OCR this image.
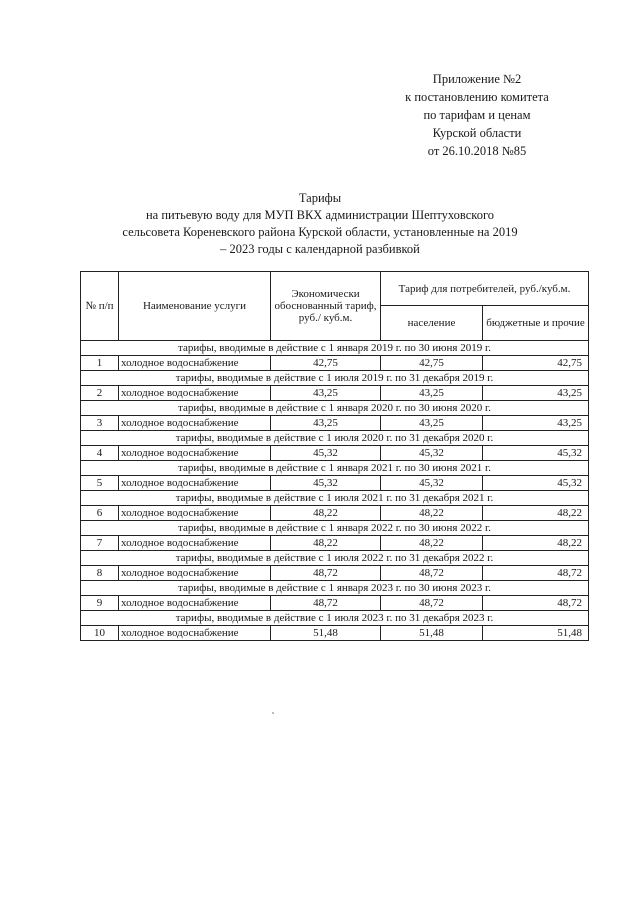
Приложение №2
к постановлению комитета
по тарифам и ценам
Курской области
от 26.10.2018 №85
Тарифы
на питьевую воду для МУП ВКХ администрации Шептуховского
сельсовета Кореневского района Курской области, установленные на 2019
– 2023 годы с календарной разбивкой
№ п/п	Наименование услуги	Экономически обоснованный тариф, руб./ куб.м.	Тариф для потребителей, руб./куб.м.	
			население	бюджетные и прочие
тарифы, вводимые в действие с 1 января 2019 г. по 30 июня 2019 г.				
1	холодное водоснабжение	42,75	42,75	42,75
тарифы, вводимые в действие с 1 июля 2019 г. по 31 декабря 2019 г.				
2	холодное водоснабжение	43,25	43,25	43,25
тарифы, вводимые в действие с 1 января 2020 г. по 30 июня 2020 г.				
3	холодное водоснабжение	43,25	43,25	43,25
тарифы, вводимые в действие с 1 июля 2020 г. по 31 декабря 2020 г.				
4	холодное водоснабжение	45,32	45,32	45,32
тарифы, вводимые в действие с 1 января 2021 г. по 30 июня 2021 г.				
5	холодное водоснабжение	45,32	45,32	45,32
тарифы, вводимые в действие с 1 июля 2021 г. по 31 декабря 2021 г.				
6	холодное водоснабжение	48,22	48,22	48,22
тарифы, вводимые в действие с 1 января 2022 г. по 30 июня 2022 г.				
7	холодное водоснабжение	48,22	48,22	48,22
тарифы, вводимые в действие с 1 июля 2022 г. по 31 декабря 2022 г.				
8	холодное водоснабжение	48,72	48,72	48,72
тарифы, вводимые в действие с 1 января 2023 г. по 30 июня 2023 г.				
9	холодное водоснабжение	48,72	48,72	48,72
тарифы, вводимые в действие с 1 июля 2023 г. по 31 декабря 2023 г.				
10	холодное водоснабжение	51,48	51,48	51,48
